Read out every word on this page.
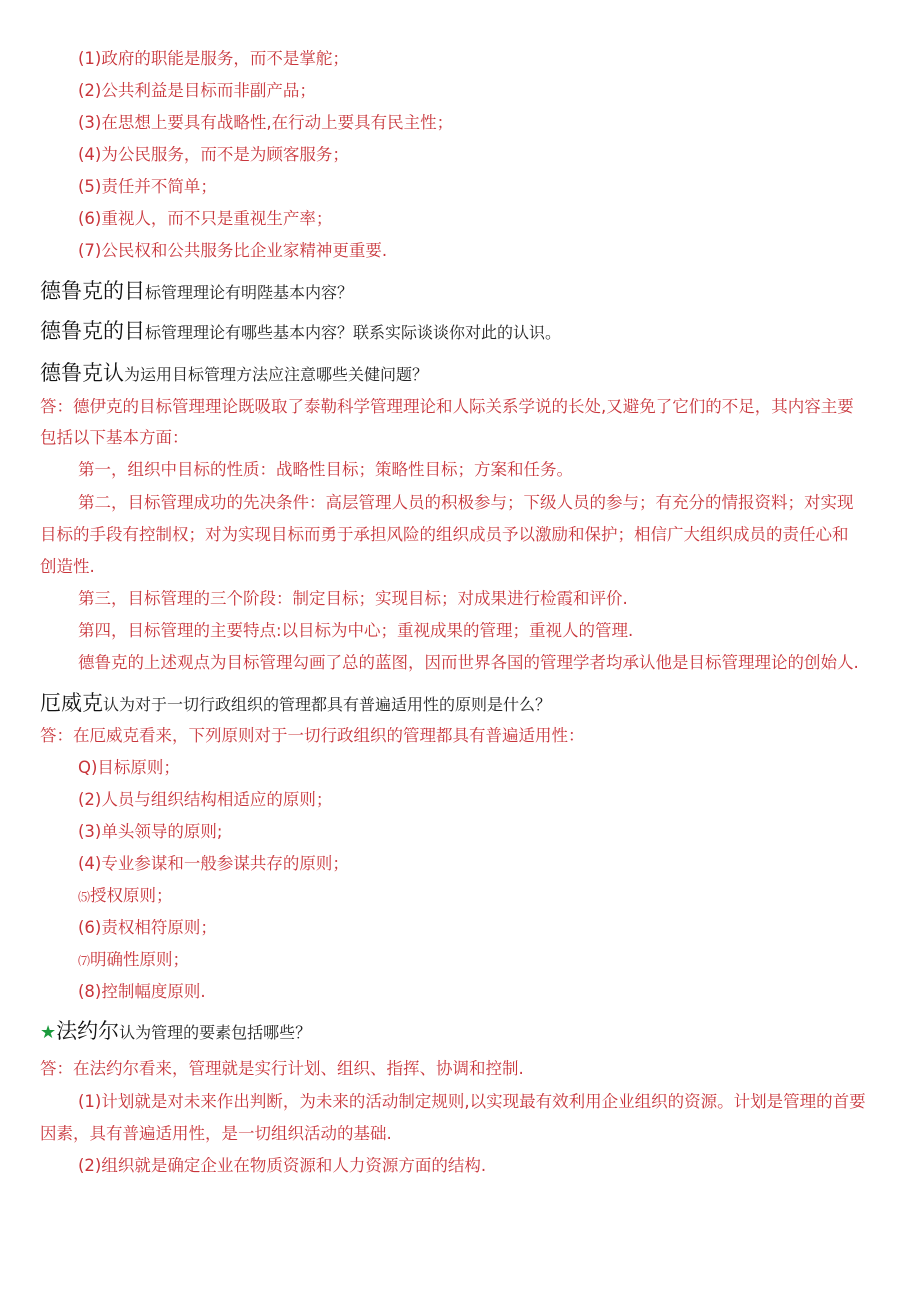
(1)政府的职能是服务，而不是掌舵；
(2)公共利益是目标而非副产品；
(3)在思想上要具有战略性,在行动上要具有民主性；
(4)为公民服务，而不是为顾客服务；
(5)责任并不简单；
(6)重视人，而不只是重视生产率；
(7)公民权和公共服务比企业家精神更重要.
德鲁克的目标管理理论有明陛基本内容？
德鲁克的目标管理理论有哪些基本内容？联系实际谈谈你对此的认识。
德鲁克认为运用目标管理方法应注意哪些关健问题？
答：德伊克的目标管理理论既吸取了泰勒科学管理理论和人际关系学说的长处,又避免了它们的不足，其内容主要
包括以下基本方面：
第一，组织中目标的性质：战略性目标；策略性目标；方案和任务。
第二，目标管理成功的先决条件：高层管理人员的积极参与；下级人员的参与；有充分的情报资料；对实现
目标的手段有控制权；对为实现目标而勇于承担风险的组织成员予以激励和保护；相信广大组织成员的责任心和
创造性.
第三，目标管理的三个阶段：制定目标；实现目标；对成果进行检霞和评价.
第四，目标管理的主要特点:以目标为中心；重视成果的管理；重视人的管理.
德鲁克的上述观点为目标管理勾画了总的蓝图，因而世界各国的管理学者均承认他是目标管理理论的创始人.
厄威克认为对于一切行政组织的管理都具有普遍适用性的原则是什么？
答：在厄威克看来，下列原则对于一切行政组织的管理都具有普遍适用性：
Q)目标原则；
(2)人员与组织结构相适应的原则；
(3)单头领导的原则;
(4)专业参谋和一般参谋共存的原则；
⑸授权原则；
(6)责权相符原则；
⑺明确性原则；
(8)控制幅度原则.
★法约尔认为管理的要素包括哪些？
答：在法约尔看来，管理就是实行计划、组织、指挥、协调和控制.
(1)计划就是对未来作出判断，为未来的活动制定规则,以实现最有效利用企业组织的资源。计划是管理的首要
因素，具有普遍适用性，是一切组织活动的基础.
(2)组织就是确定企业在物质资源和人力资源方面的结构.
